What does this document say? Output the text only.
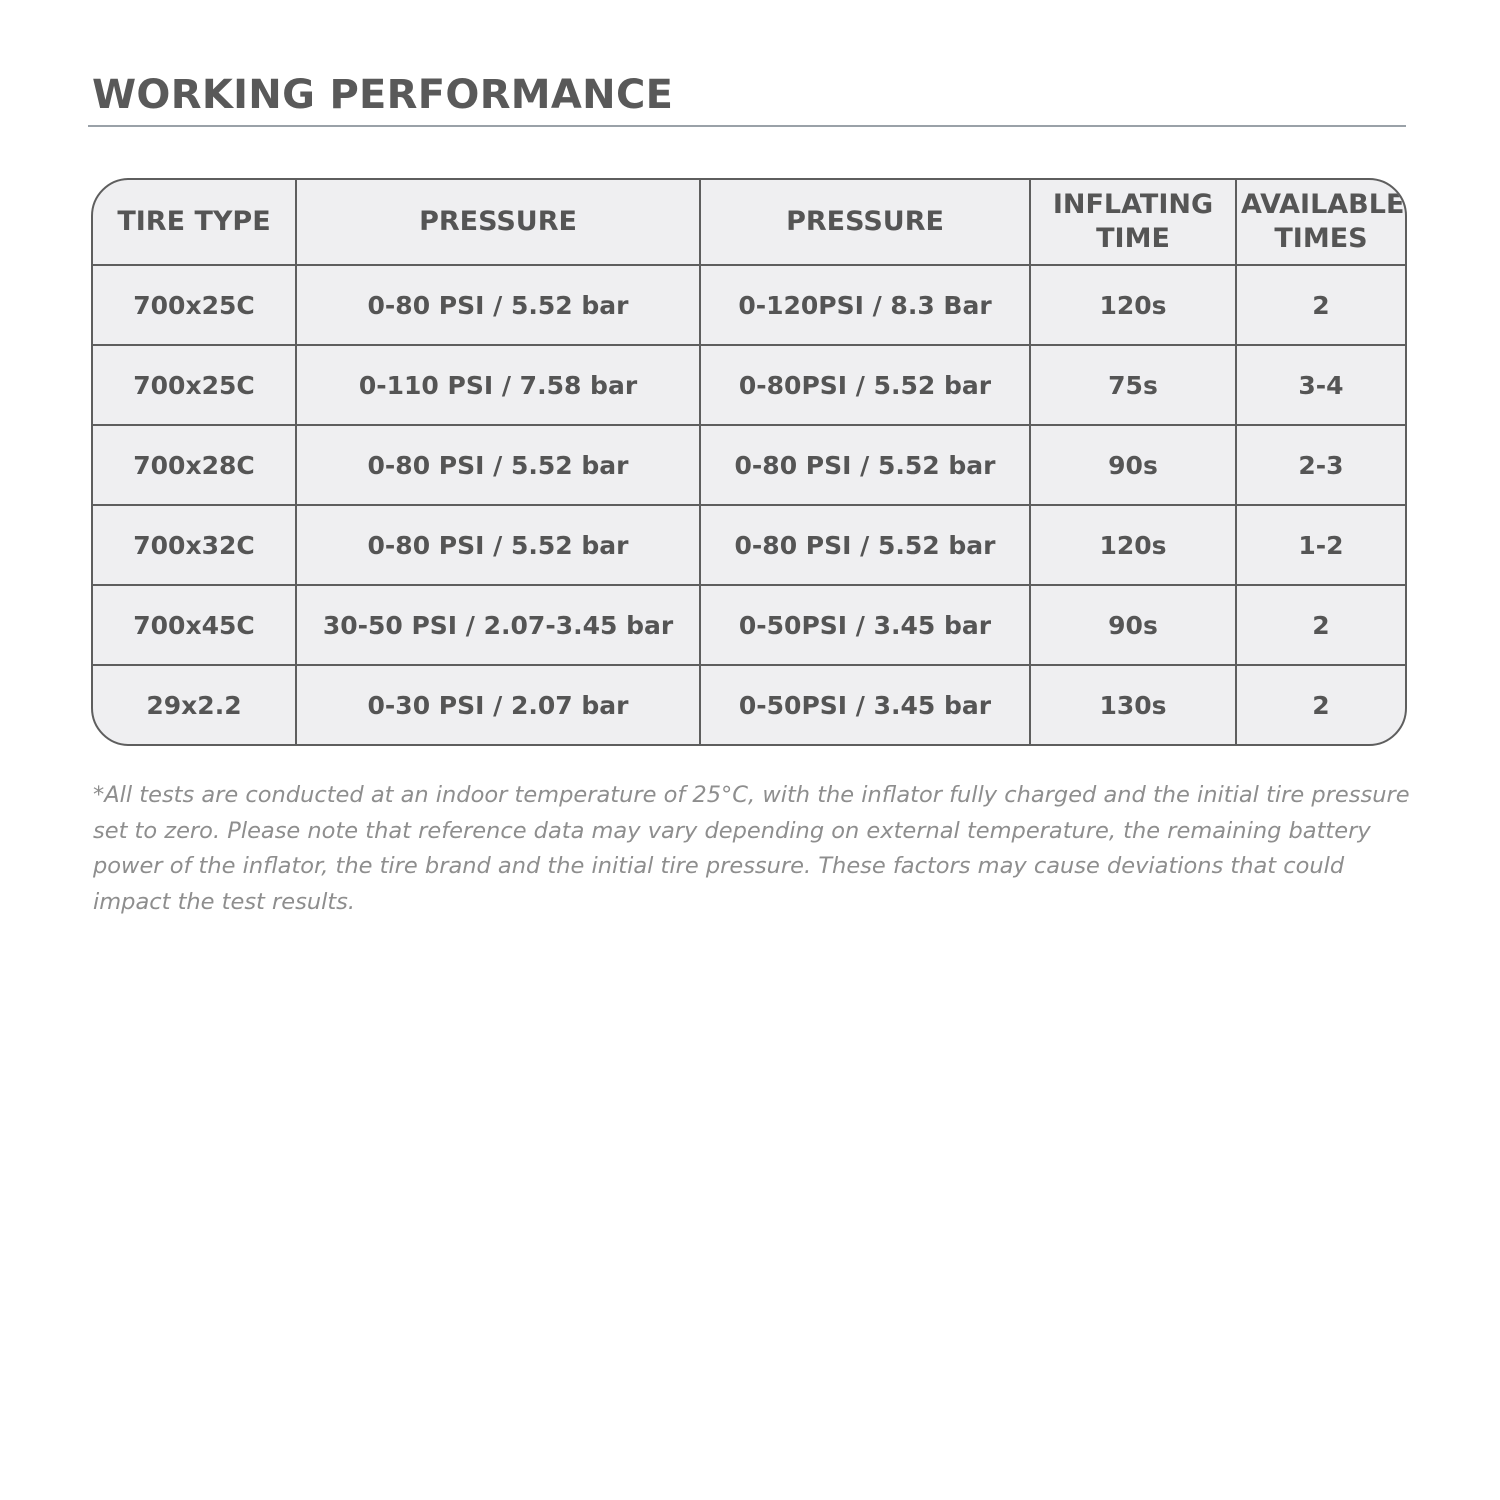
WORKING PERFORMANCE
TIRE TYPE	PRESSURE	PRESSURE	INFLATING TIME	AVAILABLE TIMES
700x25C	0-80 PSI / 5.52 bar	0-120PSI / 8.3 Bar	120s	2
700x25C	0-110 PSI / 7.58 bar	0-80PSI / 5.52 bar	75s	3-4
700x28C	0-80 PSI / 5.52 bar	0-80 PSI / 5.52 bar	90s	2-3
700x32C	0-80 PSI / 5.52 bar	0-80 PSI / 5.52 bar	120s	1-2
700x45C	30-50 PSI / 2.07-3.45 bar	0-50PSI / 3.45 bar	90s	2
29x2.2	0-30 PSI / 2.07 bar	0-50PSI / 3.45 bar	130s	2

*All tests are conducted at an indoor temperature of 25°C, with the inflator fully charged and the initial tire pressure set to zero. Please note that reference data may vary depending on external temperature, the remaining battery power of the inflator, the tire brand and the initial tire pressure. These factors may cause deviations that could impact the test results.
